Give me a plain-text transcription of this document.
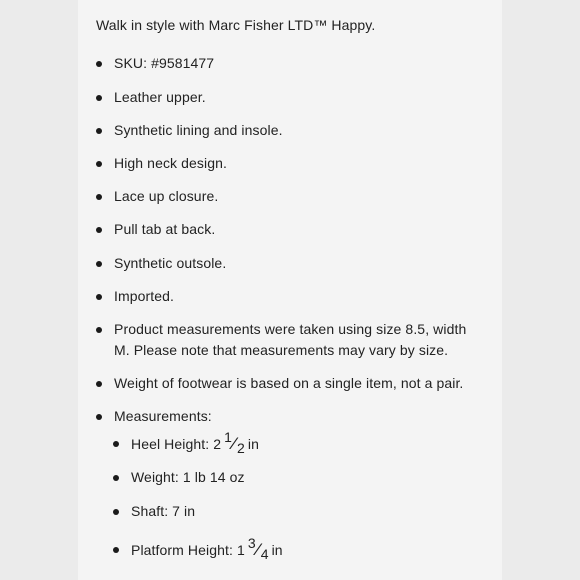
Walk in style with Marc Fisher LTD™ Happy.
SKU: #9581477
Leather upper.
Synthetic lining and insole.
High neck design.
Lace up closure.
Pull tab at back.
Synthetic outsole.
Imported.
Product measurements were taken using size 8.5, width M. Please note that measurements may vary by size.
Weight of footwear is based on a single item, not a pair.
Measurements:
Heel Height: 2 1⁄2 in
Weight: 1 lb 14 oz
Shaft: 7 in
Platform Height: 1 3⁄4 in
